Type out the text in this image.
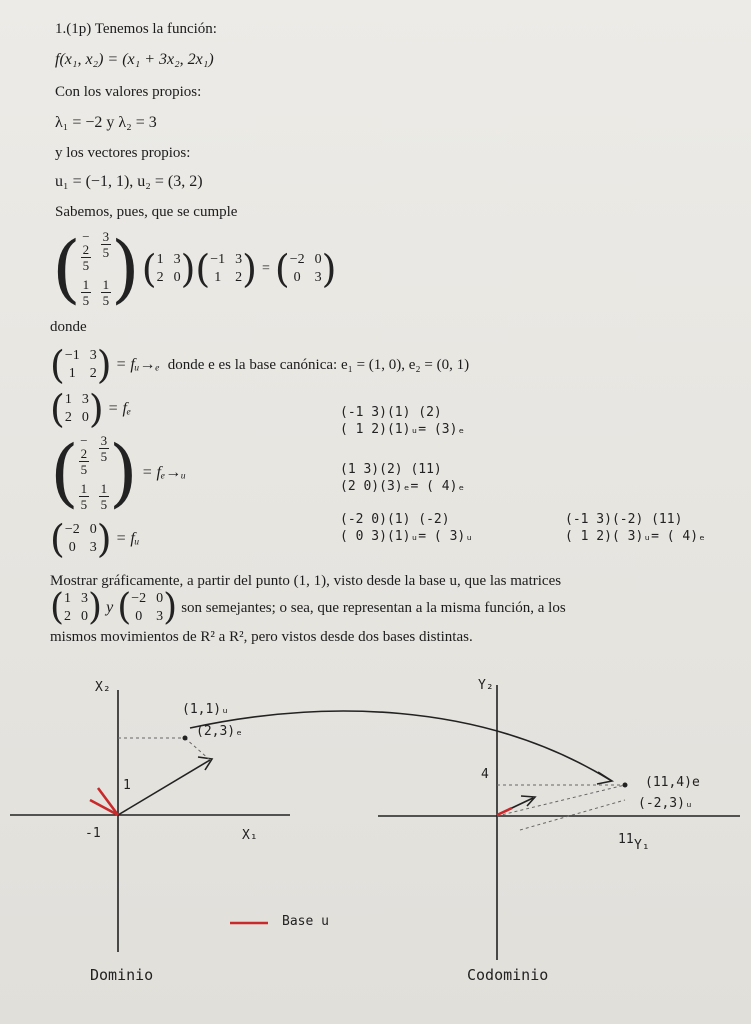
1.(1p) Tenemos la función:
f(x₁, x₂) = (x₁ + 3x₂, 2x₁)
Con los valores propios:
λ₁ = −2 y λ₂ = 3
y los vectores propios:
u₁ = (−1, 1), u₂ = (3, 2)
Sabemos, pues, que se cumple
( −
2
5
3
5
1
5
1
5 ) ( 1 3
2 0 ) ( −1 3
1 2 ) = ( −2 0
0 3 )
donde
( −1 3
1 2 ) = fᵤ→ₑ donde e es la base canónica: e₁ = (1, 0), e₂ = (0, 1)
( 1 3
2 0 ) = fₑ
( −
2
5
3
5
1
5
1
5 ) = fₑ→ᵤ
( −2 0
0 3 ) = fᵤ
(-1 3)(1) (2)
( 1 2)(1)ᵤ= (3)ₑ
(1 3)(2) (11)
(2 0)(3)ₑ= ( 4)ₑ
(-2 0)(1) (-2)
( 0 3)(1)ᵤ= ( 3)ᵤ
(-1 3)(-2) (11)
( 1 2)( 3)ᵤ= ( 4)ₑ
Mostrar gráficamente, a partir del punto (1, 1), visto desde la base u, que las matrices
( 1 3
2 0 ) y ( −2 0
0 3 ) son semejantes; o sea, que representan a la misma función, a los
mismos movimientos de R² a R², pero vistos desde dos bases distintas.
X₂
X₁
Y₂
Y₁
(1,1)ᵤ
(2,3)ₑ
(11,4)e
(-2,3)ᵤ
1
-1
4
11
Base u
Dominio	Codominio
